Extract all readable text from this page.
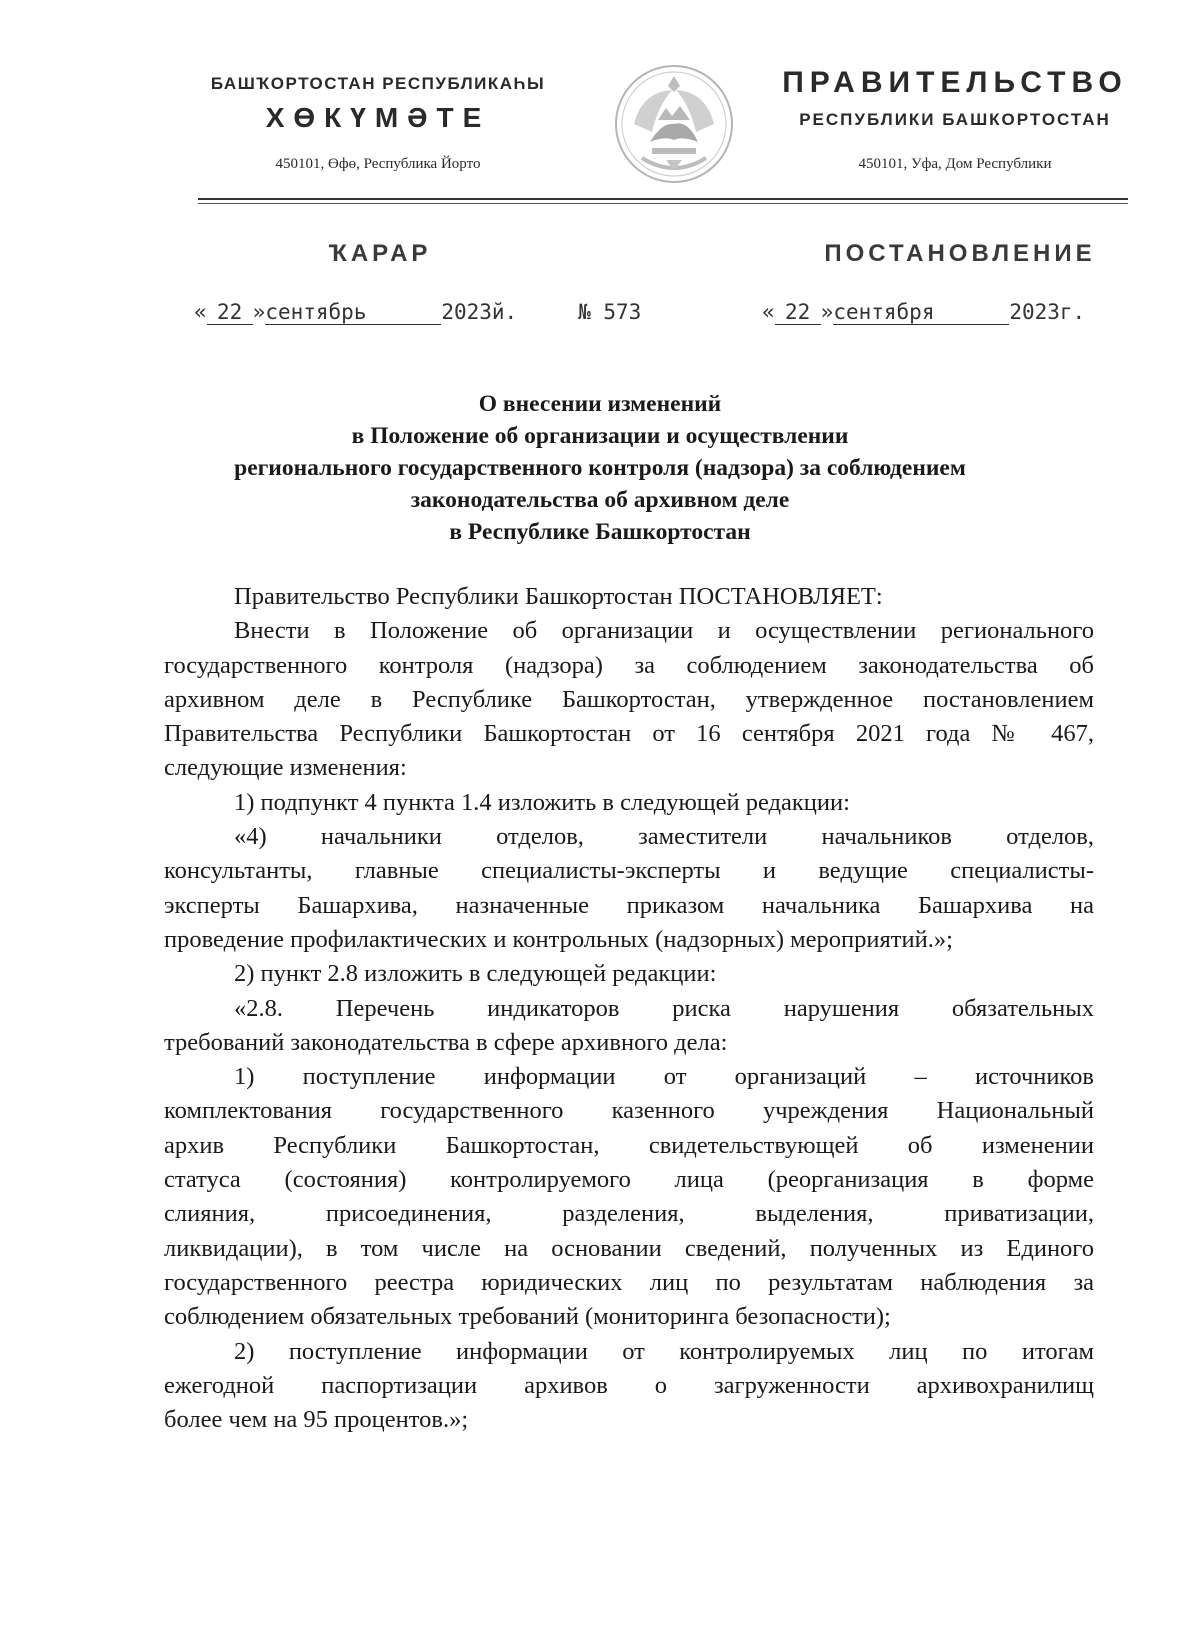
БАШҠОРТОСТАН РЕСПУБЛИКАҺЫ
ХӨКҮМӘТЕ
450101, Өфө, Республика Йорто
ПРАВИТЕЛЬСТВО
РЕСПУБЛИКИ БАШКОРТОСТАН
450101, Уфа, Дом Республики
ҠАРАР	ПОСТАНОВЛЕНИЕ
« 22 »сентябрь	2023й.	№ 573	« 22 »сентября	2023г.
О внесении изменений
в Положение об организации и осуществлении
регионального государственного контроля (надзора) за соблюдением
законодательства об архивном деле
в Республике Башкортостан
Правительство Республики Башкортостан ПОСТАНОВЛЯЕТ:
Внести в Положение об организации и осуществлении регионального
государственного контроля (надзора) за соблюдением законодательства об
архивном деле в Республике Башкортостан, утвержденное постановлением
Правительства Республики Башкортостан от 16 сентября 2021 года № 467,
следующие изменения:
1) подпункт 4 пункта 1.4 изложить в следующей редакции:
«4) начальники отделов, заместители начальников отделов,
консультанты, главные специалисты-эксперты и ведущие специалисты-
эксперты Башархива, назначенные приказом начальника Башархива на
проведение профилактических и контрольных (надзорных) мероприятий.»;
2) пункт 2.8 изложить в следующей редакции:
«2.8. Перечень индикаторов риска нарушения обязательных
требований законодательства в сфере архивного дела:
1) поступление информации от организаций – источников
комплектования государственного казенного учреждения Национальный
архив Республики Башкортостан, свидетельствующей об изменении
статуса (состояния) контролируемого лица (реорганизация в форме
слияния, присоединения, разделения, выделения, приватизации,
ликвидации), в том числе на основании сведений, полученных из Единого
государственного реестра юридических лиц по результатам наблюдения за
соблюдением обязательных требований (мониторинга безопасности);
2) поступление информации от контролируемых лиц по итогам
ежегодной паспортизации архивов о загруженности архивохранилищ
более чем на 95 процентов.»;
